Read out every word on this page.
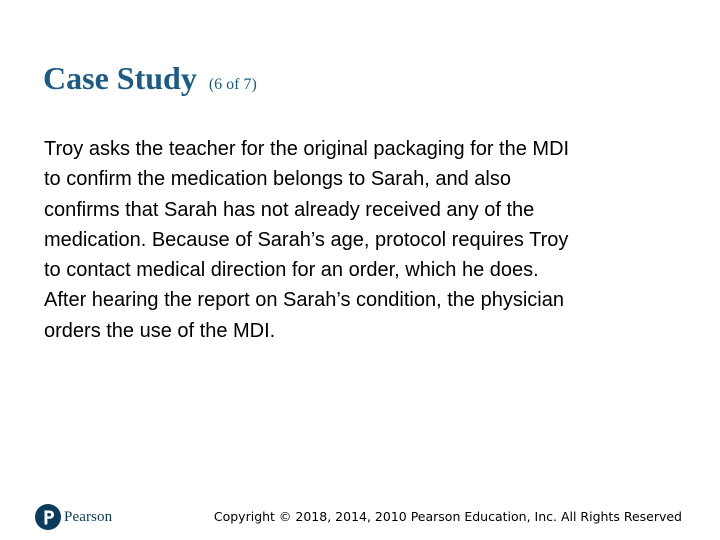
Case Study (6 of 7)
Troy asks the teacher for the original packaging for the MDI
to confirm the medication belongs to Sarah, and also
confirms that Sarah has not already received any of the
medication. Because of Sarah’s age, protocol requires Troy
to contact medical direction for an order, which he does.
After hearing the report on Sarah’s condition, the physician
orders the use of the MDI.
Pearson	Copyright © 2018, 2014, 2010 Pearson Education, Inc. All Rights Reserved
